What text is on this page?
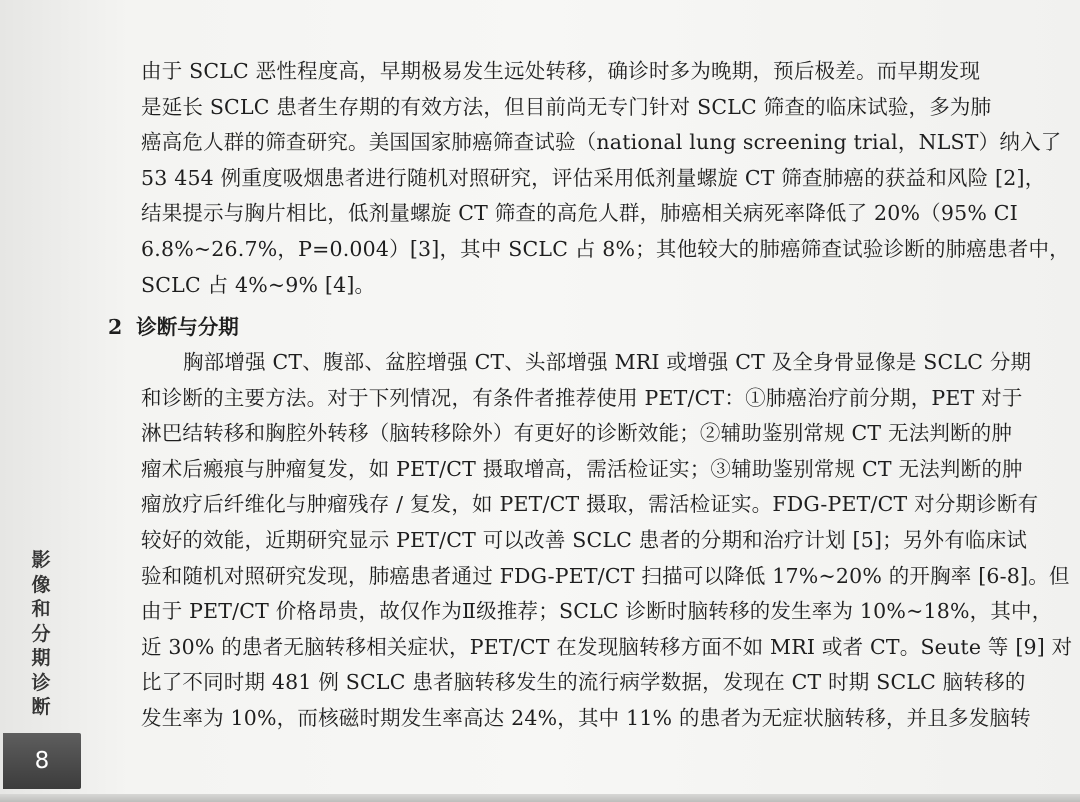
由于 SCLC 恶性程度高，早期极易发生远处转移，确诊时多为晚期，预后极差。而早期发现
是延长 SCLC 患者生存期的有效方法，但目前尚无专门针对 SCLC 筛查的临床试验，多为肺
癌高危人群的筛查研究。美国国家肺癌筛查试验（national lung screening trial，NLST）纳入了
53 454 例重度吸烟患者进行随机对照研究，评估采用低剂量螺旋 CT 筛查肺癌的获益和风险 [2]，
结果提示与胸片相比，低剂量螺旋 CT 筛查的高危人群，肺癌相关病死率降低了 20%（95% CI
6.8%~26.7%，P=0.004）[3]，其中 SCLC 占 8%；其他较大的肺癌筛查试验诊断的肺癌患者中，
SCLC 占 4%~9% [4]。
2 诊断与分期
胸部增强 CT、腹部、盆腔增强 CT、头部增强 MRI 或增强 CT 及全身骨显像是 SCLC 分期
和诊断的主要方法。对于下列情况，有条件者推荐使用 PET/CT：①肺癌治疗前分期，PET 对于
淋巴结转移和胸腔外转移（脑转移除外）有更好的诊断效能；②辅助鉴别常规 CT 无法判断的肿
瘤术后瘢痕与肿瘤复发，如 PET/CT 摄取增高，需活检证实；③辅助鉴别常规 CT 无法判断的肿
瘤放疗后纤维化与肿瘤残存 / 复发，如 PET/CT 摄取，需活检证实。FDG-PET/CT 对分期诊断有
较好的效能，近期研究显示 PET/CT 可以改善 SCLC 患者的分期和治疗计划 [5]；另外有临床试
验和随机对照研究发现，肺癌患者通过 FDG-PET/CT 扫描可以降低 17%~20% 的开胸率 [6-8]。但
由于 PET/CT 价格昂贵，故仅作为Ⅱ级推荐；SCLC 诊断时脑转移的发生率为 10%~18%，其中，
近 30% 的患者无脑转移相关症状，PET/CT 在发现脑转移方面不如 MRI 或者 CT。Seute 等 [9] 对
比了不同时期 481 例 SCLC 患者脑转移发生的流行病学数据，发现在 CT 时期 SCLC 脑转移的
发生率为 10%，而核磁时期发生率高达 24%，其中 11% 的患者为无症状脑转移，并且多发脑转
影
像
和
分
期
诊
断
8
